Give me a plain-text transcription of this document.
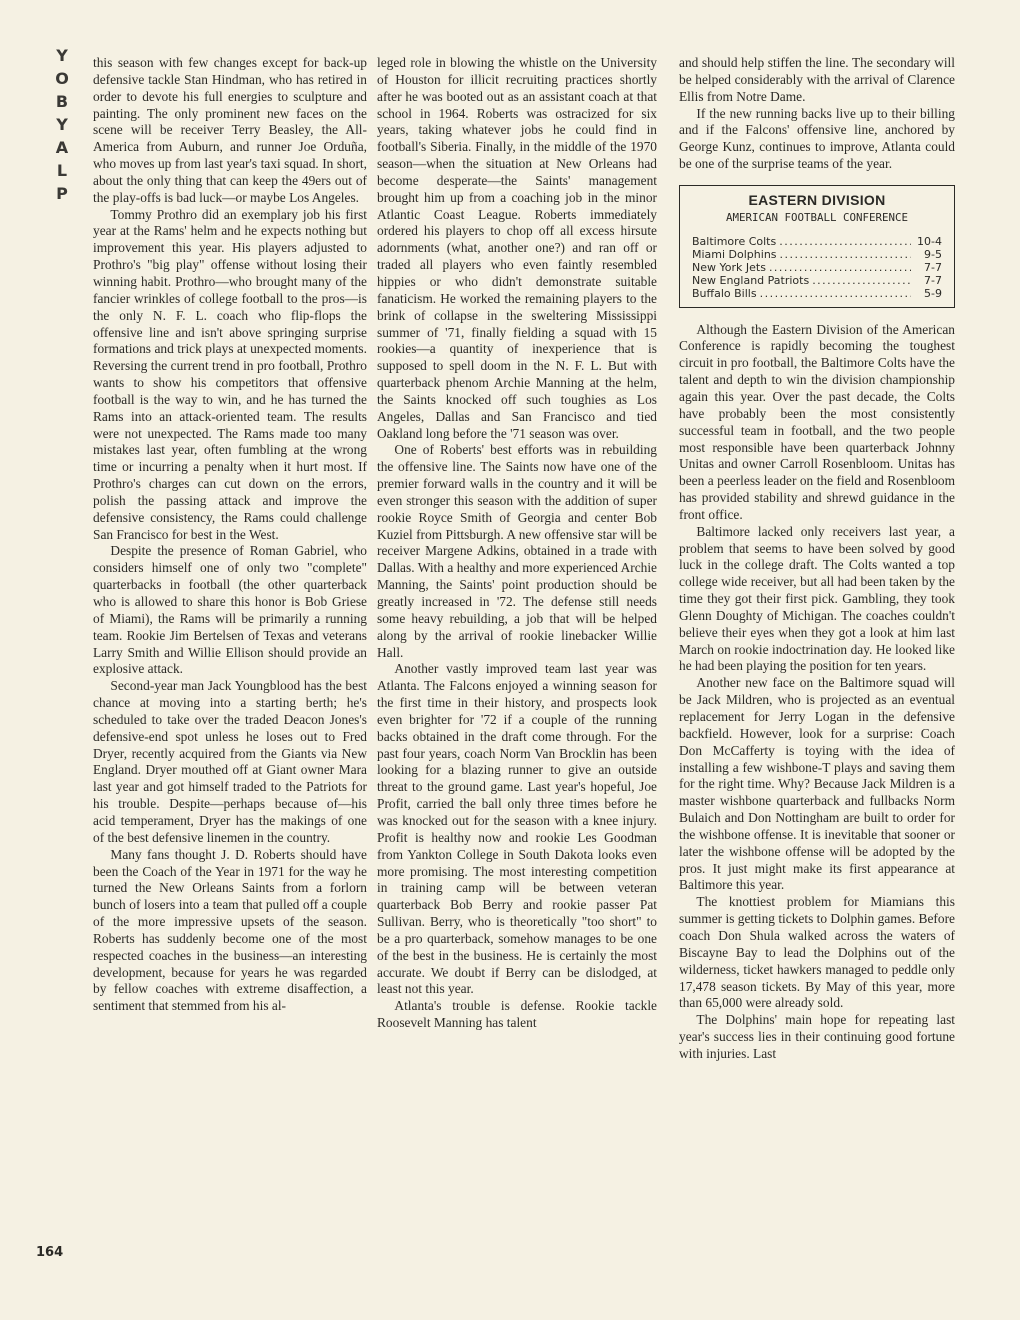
Y
O
B
Y
A
L
P

this season with few changes except for back-up defensive tackle Stan Hindman, who has retired in order to devote his full energies to sculpture and painting. The only prominent new faces on the scene will be receiver Terry Beasley, the All-America from Auburn, and runner Joe Orduña, who moves up from last year's taxi squad. In short, about the only thing that can keep the 49ers out of the play-offs is bad luck—or maybe Los Angeles.

Tommy Prothro did an exemplary job his first year at the Rams' helm and he expects nothing but improvement this year. His players adjusted to Prothro's "big play" offense without losing their winning habit. Prothro—who brought many of the fancier wrinkles of college football to the pros—is the only N. F. L. coach who flip-flops the offensive line and isn't above springing surprise formations and trick plays at unexpected moments. Reversing the current trend in pro football, Prothro wants to show his competitors that offensive football is the way to win, and he has turned the Rams into an attack-oriented team. The results were not unexpected. The Rams made too many mistakes last year, often fumbling at the wrong time or incurring a penalty when it hurt most. If Prothro's charges can cut down on the errors, polish the passing attack and improve the defensive consistency, the Rams could challenge San Francisco for best in the West.

Despite the presence of Roman Gabriel, who considers himself one of only two "complete" quarterbacks in football (the other quarterback who is allowed to share this honor is Bob Griese of Miami), the Rams will be primarily a running team. Rookie Jim Bertelsen of Texas and veterans Larry Smith and Willie Ellison should provide an explosive attack.

Second-year man Jack Youngblood has the best chance at moving into a starting berth; he's scheduled to take over the traded Deacon Jones's defensive-end spot unless he loses out to Fred Dryer, recently acquired from the Giants via New England. Dryer mouthed off at Giant owner Mara last year and got himself traded to the Patriots for his trouble. Despite—perhaps because of—his acid temperament, Dryer has the makings of one of the best defensive linemen in the country.

Many fans thought J. D. Roberts should have been the Coach of the Year in 1971 for the way he turned the New Orleans Saints from a forlorn bunch of losers into a team that pulled off a couple of the more impressive upsets of the season. Roberts has suddenly become one of the most respected coaches in the business—an interesting development, because for years he was regarded by fellow coaches with extreme disaffection, a sentiment that stemmed from his al-

leged role in blowing the whistle on the University of Houston for illicit recruiting practices shortly after he was booted out as an assistant coach at that school in 1964. Roberts was ostracized for six years, taking whatever jobs he could find in football's Siberia. Finally, in the middle of the 1970 season—when the situation at New Orleans had become desperate—the Saints' management brought him up from a coaching job in the minor Atlantic Coast League. Roberts immediately ordered his players to chop off all excess hirsute adornments (what, another one?) and ran off or traded all players who even faintly resembled hippies or who didn't demonstrate suitable fanaticism. He worked the remaining players to the brink of collapse in the sweltering Mississippi summer of '71, finally fielding a squad with 15 rookies—a quantity of inexperience that is supposed to spell doom in the N. F. L. But with quarterback phenom Archie Manning at the helm, the Saints knocked off such toughies as Los Angeles, Dallas and San Francisco and tied Oakland long before the '71 season was over.

One of Roberts' best efforts was in rebuilding the offensive line. The Saints now have one of the premier forward walls in the country and it will be even stronger this season with the addition of super rookie Royce Smith of Georgia and center Bob Kuziel from Pittsburgh. A new offensive star will be receiver Margene Adkins, obtained in a trade with Dallas. With a healthy and more experienced Archie Manning, the Saints' point production should be greatly increased in '72. The defense still needs some heavy rebuilding, a job that will be helped along by the arrival of rookie linebacker Willie Hall.

Another vastly improved team last year was Atlanta. The Falcons enjoyed a winning season for the first time in their history, and prospects look even brighter for '72 if a couple of the running backs obtained in the draft come through. For the past four years, coach Norm Van Brocklin has been looking for a blazing runner to give an outside threat to the ground game. Last year's hopeful, Joe Profit, carried the ball only three times before he was knocked out for the season with a knee injury. Profit is healthy now and rookie Les Goodman from Yankton College in South Dakota looks even more promising. The most interesting competition in training camp will be between veteran quarterback Bob Berry and rookie passer Pat Sullivan. Berry, who is theoretically "too short" to be a pro quarterback, somehow manages to be one of the best in the business. He is certainly the most accurate. We doubt if Berry can be dislodged, at least not this year.

Atlanta's trouble is defense. Rookie tackle Roosevelt Manning has talent

and should help stiffen the line. The secondary will be helped considerably with the arrival of Clarence Ellis from Notre Dame.

If the new running backs live up to their billing and if the Falcons' offensive line, anchored by George Kunz, continues to improve, Atlanta could be one of the surprise teams of the year.

EASTERN DIVISION
AMERICAN FOOTBALL CONFERENCE
Baltimore Colts .....	10-4
Miami Dolphins .....	9-5
New York Jets .....	7-7
New England Patriots .....	7-7
Buffalo Bills .....	5-9

Although the Eastern Division of the American Conference is rapidly becoming the toughest circuit in pro football, the Baltimore Colts have the talent and depth to win the division championship again this year. Over the past decade, the Colts have probably been the most consistently successful team in football, and the two people most responsible have been quarterback Johnny Unitas and owner Carroll Rosenbloom. Unitas has been a peerless leader on the field and Rosenbloom has provided stability and shrewd guidance in the front office.

Baltimore lacked only receivers last year, a problem that seems to have been solved by good luck in the college draft. The Colts wanted a top college wide receiver, but all had been taken by the time they got their first pick. Gambling, they took Glenn Doughty of Michigan. The coaches couldn't believe their eyes when they got a look at him last March on rookie indoctrination day. He looked like he had been playing the position for ten years.

Another new face on the Baltimore squad will be Jack Mildren, who is projected as an eventual replacement for Jerry Logan in the defensive backfield. However, look for a surprise: Coach Don McCafferty is toying with the idea of installing a few wishbone-T plays and saving them for the right time. Why? Because Jack Mildren is a master wishbone quarterback and fullbacks Norm Bulaich and Don Nottingham are built to order for the wishbone offense. It is inevitable that sooner or later the wishbone offense will be adopted by the pros. It just might make its first appearance at Baltimore this year.

The knottiest problem for Miamians this summer is getting tickets to Dolphin games. Before coach Don Shula walked across the waters of Biscayne Bay to lead the Dolphins out of the wilderness, ticket hawkers managed to peddle only 17,478 season tickets. By May of this year, more than 65,000 were already sold.

The Dolphins' main hope for repeating last year's success lies in their continuing good fortune with injuries. Last

164
